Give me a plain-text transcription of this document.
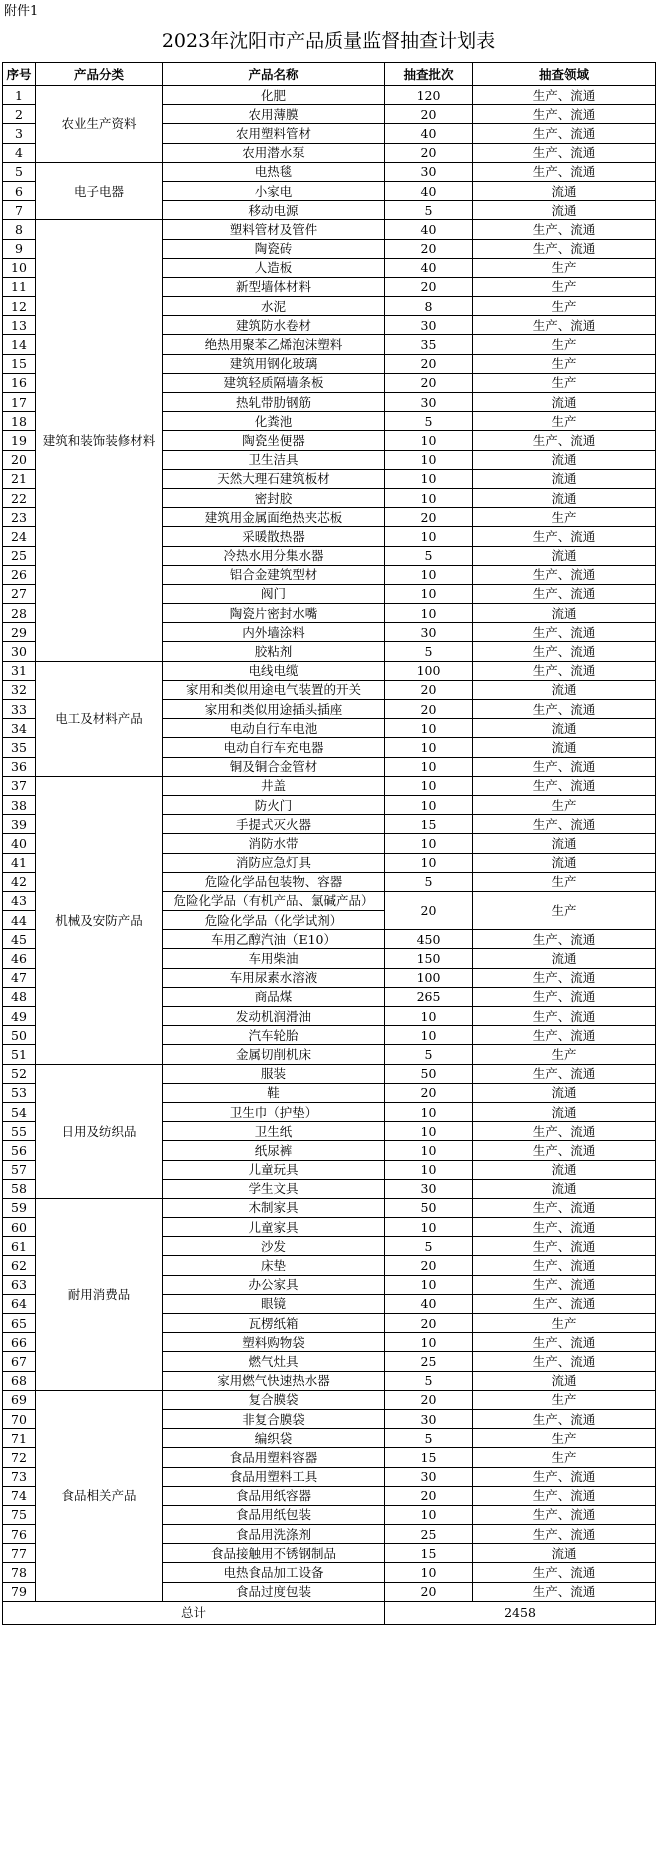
附件1
2023年沈阳市产品质量监督抽查计划表
序号	产品分类	产品名称	抽查批次	抽查领域
1	农业生产资料	化肥	120	生产、流通
2		农用薄膜	20	生产、流通
3		农用塑料管材	40	生产、流通
4		农用潜水泵	20	生产、流通
5	电子电器	电热毯	30	生产、流通
6		小家电	40	流通
7		移动电源	5	流通
8	建筑和装饰装修材料	塑料管材及管件	40	生产、流通
9		陶瓷砖	20	生产、流通
10		人造板	40	生产
11		新型墙体材料	20	生产
12		水泥	8	生产
13		建筑防水卷材	30	生产、流通
14		绝热用聚苯乙烯泡沫塑料	35	生产
15		建筑用钢化玻璃	20	生产
16		建筑轻质隔墙条板	20	生产
17		热轧带肋钢筋	30	流通
18		化粪池	5	生产
19		陶瓷坐便器	10	生产、流通
20		卫生洁具	10	流通
21		天然大理石建筑板材	10	流通
22		密封胶	10	流通
23		建筑用金属面绝热夹芯板	20	生产
24		采暖散热器	10	生产、流通
25		冷热水用分集水器	5	流通
26		铝合金建筑型材	10	生产、流通
27		阀门	10	生产、流通
28		陶瓷片密封水嘴	10	流通
29		内外墙涂料	30	生产、流通
30		胶粘剂	5	生产、流通
31	电工及材料产品	电线电缆	100	生产、流通
32		家用和类似用途电气装置的开关	20	流通
33		家用和类似用途插头插座	20	生产、流通
34		电动自行车电池	10	流通
35		电动自行车充电器	10	流通
36		铜及铜合金管材	10	生产、流通
37	机械及安防产品	井盖	10	生产、流通
38		防火门	10	生产
39		手提式灭火器	15	生产、流通
40		消防水带	10	流通
41		消防应急灯具	10	流通
42		危险化学品包装物、容器	5	生产
43		危险化学品（有机产品、氯碱产品）	20	生产
44		危险化学品（化学试剂）		
45		车用乙醇汽油（E10）	450	生产、流通
46		车用柴油	150	流通
47		车用尿素水溶液	100	生产、流通
48		商品煤	265	生产、流通
49		发动机润滑油	10	生产、流通
50		汽车轮胎	10	生产、流通
51		金属切削机床	5	生产
52	日用及纺织品	服装	50	生产、流通
53		鞋	20	流通
54		卫生巾（护垫）	10	流通
55		卫生纸	10	生产、流通
56		纸尿裤	10	生产、流通
57		儿童玩具	10	流通
58		学生文具	30	流通
59	耐用消费品	木制家具	50	生产、流通
60		儿童家具	10	生产、流通
61		沙发	5	生产、流通
62		床垫	20	生产、流通
63		办公家具	10	生产、流通
64		眼镜	40	生产、流通
65		瓦楞纸箱	20	生产
66		塑料购物袋	10	生产、流通
67		燃气灶具	25	生产、流通
68		家用燃气快速热水器	5	流通
69	食品相关产品	复合膜袋	20	生产
70		非复合膜袋	30	生产、流通
71		编织袋	5	生产
72		食品用塑料容器	15	生产
73		食品用塑料工具	30	生产、流通
74		食品用纸容器	20	生产、流通
75		食品用纸包装	10	生产、流通
76		食品用洗涤剂	25	生产、流通
77		食品接触用不锈钢制品	15	流通
78		电热食品加工设备	10	生产、流通
79		食品过度包装	20	生产、流通
总计			2458	
